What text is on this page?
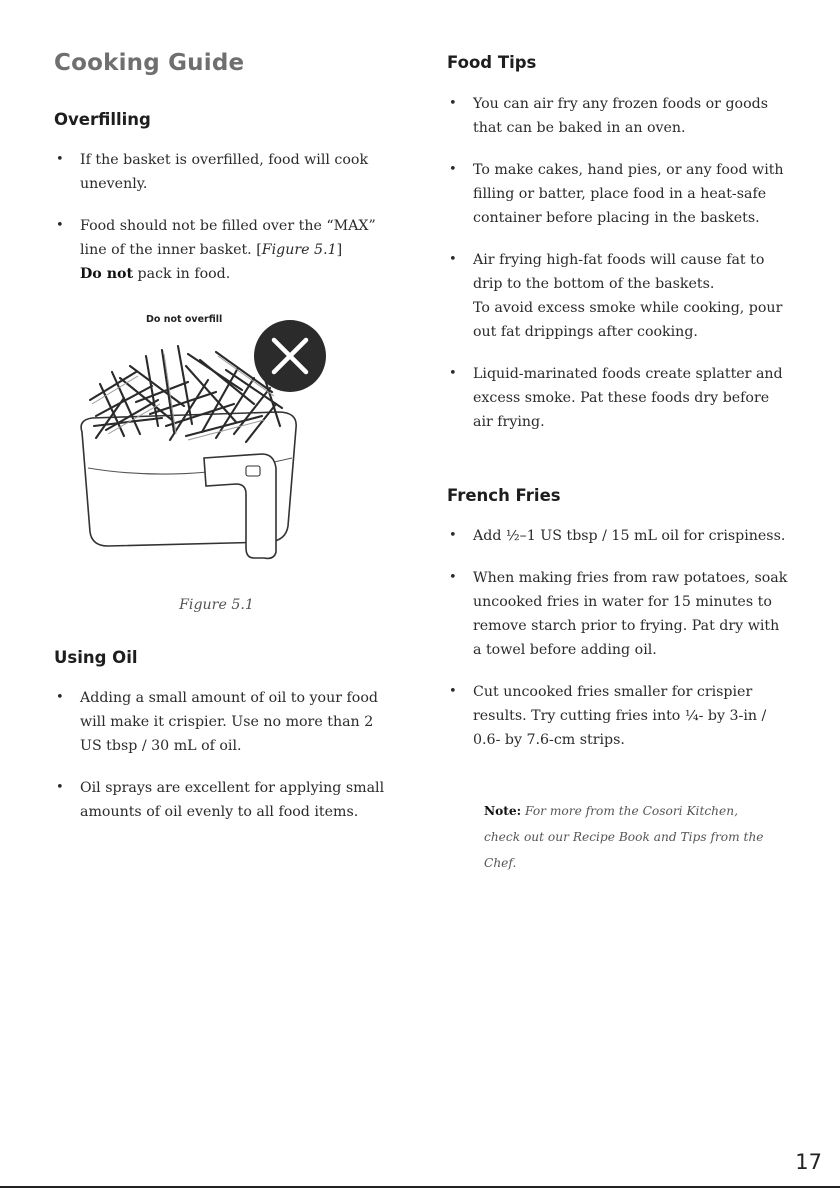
Cooking Guide
Overfilling
• If the basket is overfilled, food will cook unevenly.
• Food should not be filled over the “MAX” line of the inner basket. [Figure 5.1]
Do not pack in food.

Do not overfill

Figure 5.1

Using Oil
• Adding a small amount of oil to your food will make it crispier. Use no more than 2 US tbsp / 30 mL of oil.
• Oil sprays are excellent for applying small amounts of oil evenly to all food items.
Food Tips
• You can air fry any frozen foods or goods that can be baked in an oven.
• To make cakes, hand pies, or any food with filling or batter, place food in a heat-safe container before placing in the baskets.
• Air frying high-fat foods will cause fat to drip to the bottom of the baskets.
To avoid excess smoke while cooking, pour out fat drippings after cooking.
• Liquid-marinated foods create splatter and excess smoke. Pat these foods dry before air frying.
French Fries
• Add ½–1 US tbsp / 15 mL oil for crispiness.
• When making fries from raw potatoes, soak uncooked fries in water for 15 minutes to remove starch prior to frying. Pat dry with a towel before adding oil.
• Cut uncooked fries smaller for crispier results. Try cutting fries into ¼- by 3-in / 0.6- by 7.6-cm strips.

Note: For more from the Cosori Kitchen, check out our Recipe Book and Tips from the Chef.

17
